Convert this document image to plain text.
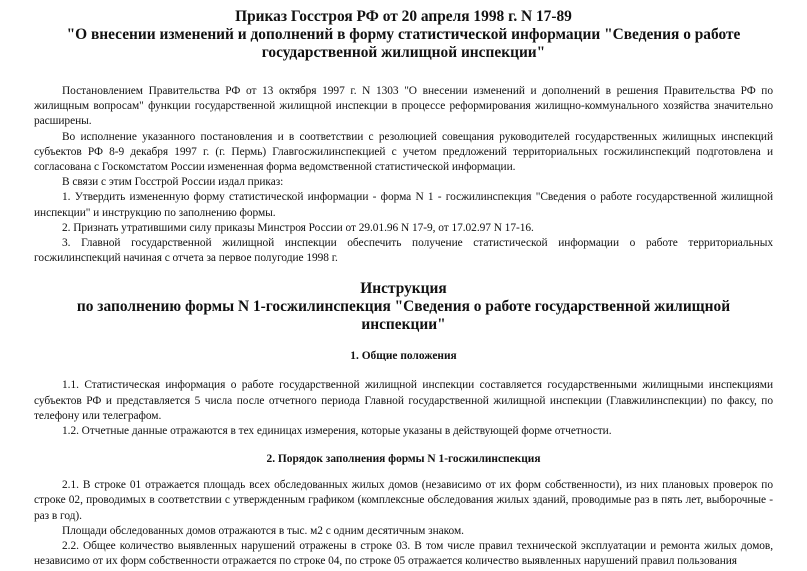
Приказ Госстроя РФ от 20 апреля 1998 г. N 17-89

"О внесении изменений и дополнений в форму статистической информации "Сведения о работе государственной жилищной инспекции"

Постановлением Правительства РФ от 13 октября 1997 г. N 1303 "О внесении изменений и дополнений в решения Правительства РФ по жилищным вопросам" функции государственной жилищной инспекции в процессе реформирования жилищно-коммунального хозяйства значительно расширены.

Во исполнение указанного постановления и в соответствии с резолюцией совещания руководителей государственных жилищных инспекций субъектов РФ 8-9 декабря 1997 г. (г. Пермь) Главгосжилинспекцией с учетом предложений территориальных госжилинспекций подготовлена и согласована с Госкомстатом России измененная форма ведомственной статистической информации.

В связи с этим Госстрой России издал приказ:

1. Утвердить измененную форму статистической информации - форма N 1 - госжилинспекция "Сведения о работе государственной жилищной инспекции" и инструкцию по заполнению формы.

2. Признать утратившими силу приказы Минстроя России от 29.01.96 N 17-9, от 17.02.97 N 17-16.

3. Главной государственной жилищной инспекции обеспечить получение статистической информации о работе территориальных госжилинспекций начиная с отчета за первое полугодие 1998 г.

Инструкция

по заполнению формы N 1-госжилинспекция "Сведения о работе государственной жилищной инспекции"

1. Общие положения

1.1. Статистическая информация о работе государственной жилищной инспекции составляется государственными жилищными инспекциями субъектов РФ и представляется 5 числа после отчетного периода Главной государственной жилищной инспекции (Главжилинспекции) по факсу, по телефону или телеграфом.

1.2. Отчетные данные отражаются в тех единицах измерения, которые указаны в действующей форме отчетности.

2. Порядок заполнения формы N 1-госжилинспекция

2.1. В строке 01 отражается площадь всех обследованных жилых домов (независимо от их форм собственности), из них плановых проверок по строке 02, проводимых в соответствии с утвержденным графиком (комплексные обследования жилых зданий, проводимые раз в пять лет, выборочные - раз в год).

Площади обследованных домов отражаются в тыс. м2 с одним десятичным знаком.

2.2. Общее количество выявленных нарушений отражены в строке 03. В том числе правил технической эксплуатации и ремонта жилых домов, независимо от их форм собственности отражается по строке 04, по строке 05 отражается количество выявленных нарушений правил пользования
